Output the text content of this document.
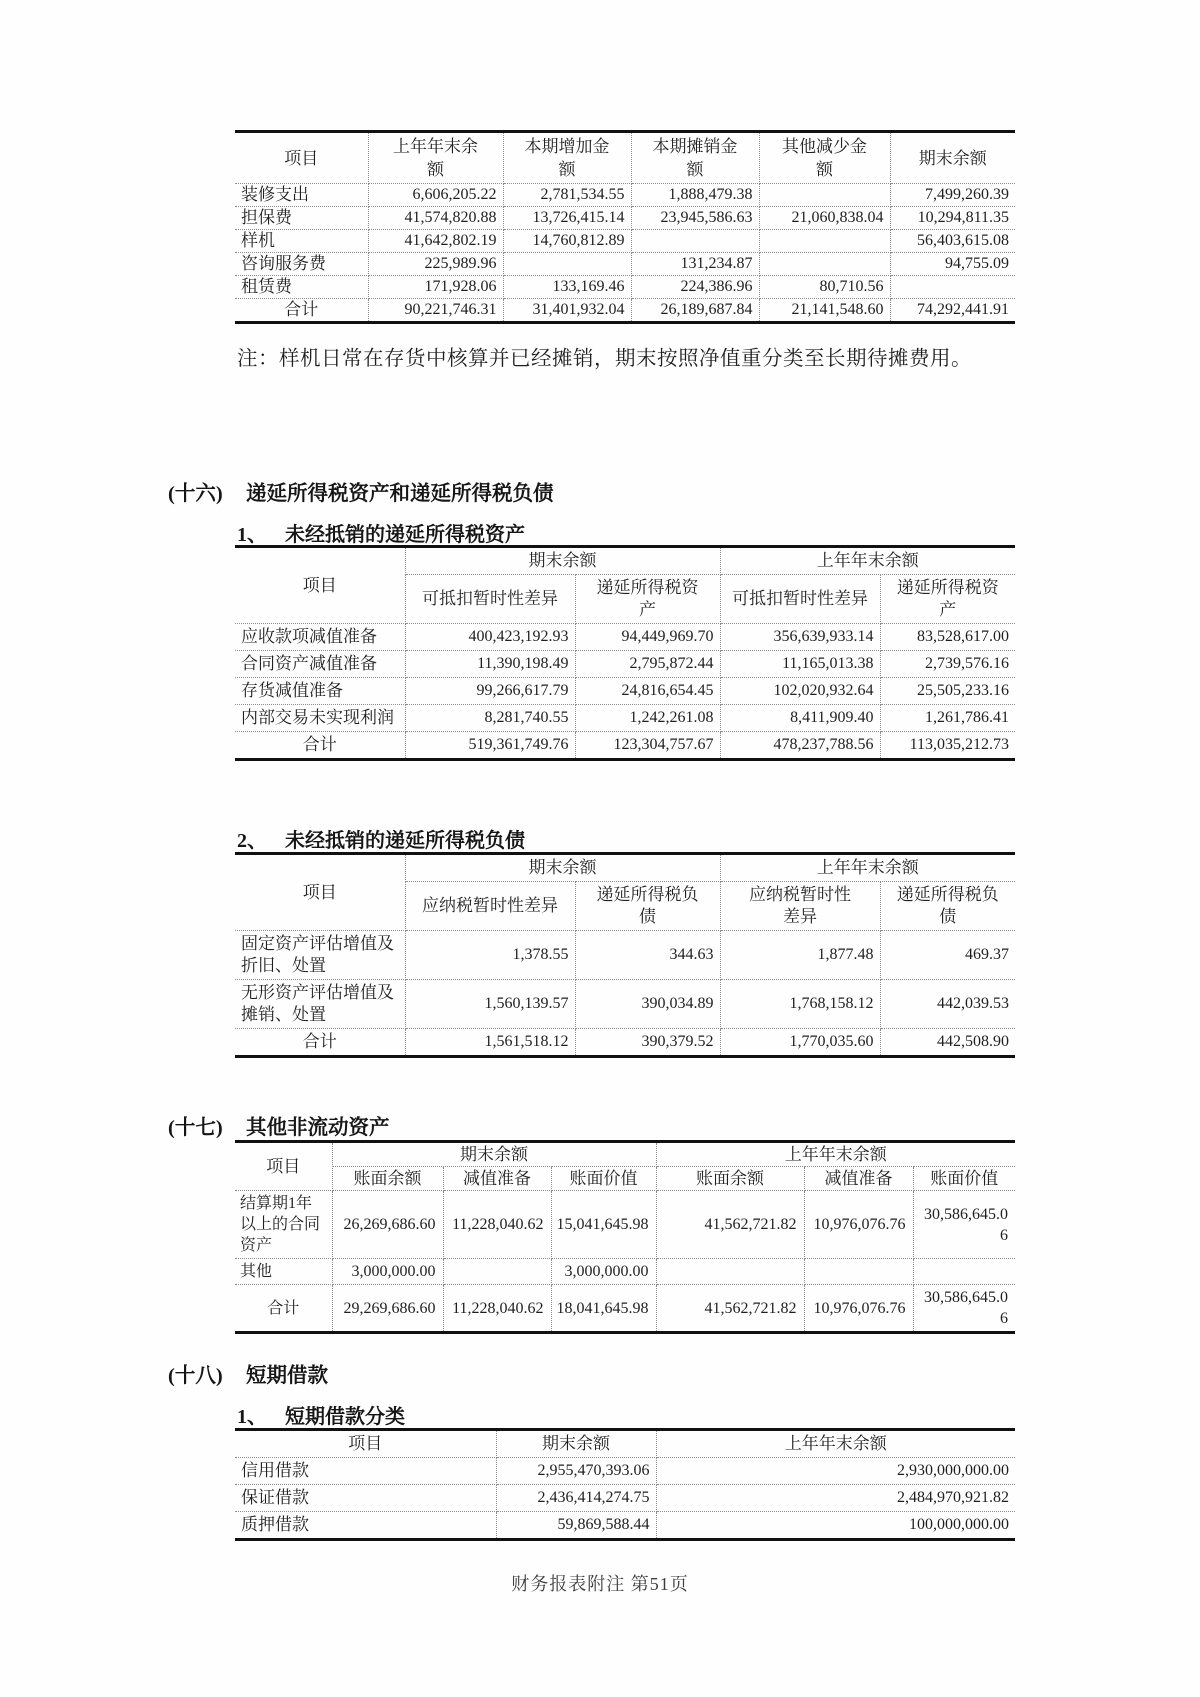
项目	上年年末余额	本期增加金额	本期摊销金额	其他减少金额	期末余额
装修支出	6,606,205.22	2,781,534.55	1,888,479.38		7,499,260.39
担保费	41,574,820.88	13,726,415.14	23,945,586.63	21,060,838.04	10,294,811.35
样机	41,642,802.19	14,760,812.89			56,403,615.08
咨询服务费	225,989.96		131,234.87		94,755.09
租赁费	171,928.06	133,169.46	224,386.96	80,710.56	
合计	90,221,746.31	31,401,932.04	26,189,687.84	21,141,548.60	74,292,441.91
注：样机日常在存货中核算并已经摊销，期末按照净值重分类至长期待摊费用。
(十六)	递延所得税资产和递延所得税负债
1、 未经抵销的递延所得税资产
项目	期末余额		上年年末余额	
	可抵扣暂时性差异	递延所得税资产	可抵扣暂时性差异	递延所得税资产
应收款项减值准备	400,423,192.93	94,449,969.70	356,639,933.14	83,528,617.00
合同资产减值准备	11,390,198.49	2,795,872.44	11,165,013.38	2,739,576.16
存货减值准备	99,266,617.79	24,816,654.45	102,020,932.64	25,505,233.16
内部交易未实现利润	8,281,740.55	1,242,261.08	8,411,909.40	1,261,786.41
合计	519,361,749.76	123,304,757.67	478,237,788.56	113,035,212.73
2、 未经抵销的递延所得税负债
项目	期末余额		上年年末余额	
	应纳税暂时性差异	递延所得税负债	应纳税暂时性差异	递延所得税负债
固定资产评估增值及折旧、处置	1,378.55	344.63	1,877.48	469.37
无形资产评估增值及摊销、处置	1,560,139.57	390,034.89	1,768,158.12	442,039.53
合计	1,561,518.12	390,379.52	1,770,035.60	442,508.90
(十七)	其他非流动资产
项目	期末余额			上年年末余额		
	账面余额	减值准备	账面价值	账面余额	减值准备	账面价值
结算期1年以上的合同资产	26,269,686.60	11,228,040.62	15,041,645.98	41,562,721.82	10,976,076.76	30,586,645.06
其他	3,000,000.00		3,000,000.00			
合计	29,269,686.60	11,228,040.62	18,041,645.98	41,562,721.82	10,976,076.76	30,586,645.06
(十八)	短期借款
1、 短期借款分类
项目	期末余额	上年年末余额
信用借款	2,955,470,393.06	2,930,000,000.00
保证借款	2,436,414,274.75	2,484,970,921.82
质押借款	59,869,588.44	100,000,000.00
财务报表附注 第51页
